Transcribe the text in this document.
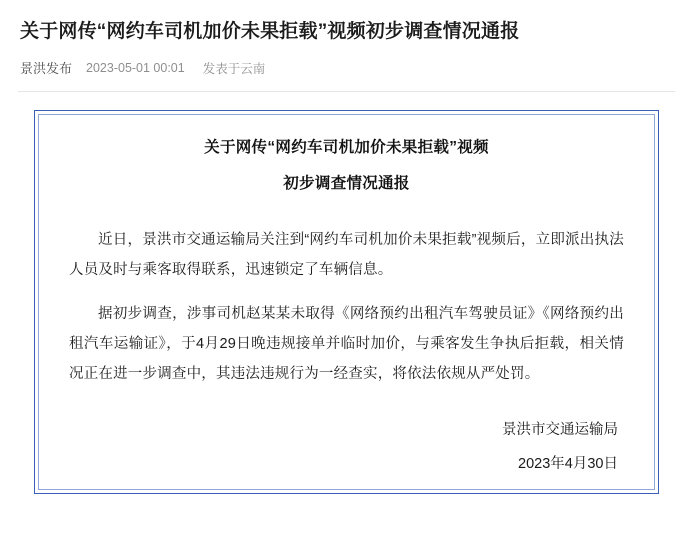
关于网传“网约车司机加价未果拒载”视频初步调查情况通报
景洪发布 2023-05-01 00:01 发表于云南
关于网传“网约车司机加价未果拒载”视频
初步调查情况通报

近日，景洪市交通运输局关注到“网约车司机加价未果拒载”视频后，立即派出执法人员及时与乘客取得联系，迅速锁定了车辆信息。

据初步调查，涉事司机赵某某未取得《网络预约出租汽车驾驶员证》《网络预约出租汽车运输证》，于4月29日晚违规接单并临时加价，与乘客发生争执后拒载，相关情况正在进一步调查中，其违法违规行为一经查实，将依法依规从严处罚。

景洪市交通运输局
2023年4月30日
